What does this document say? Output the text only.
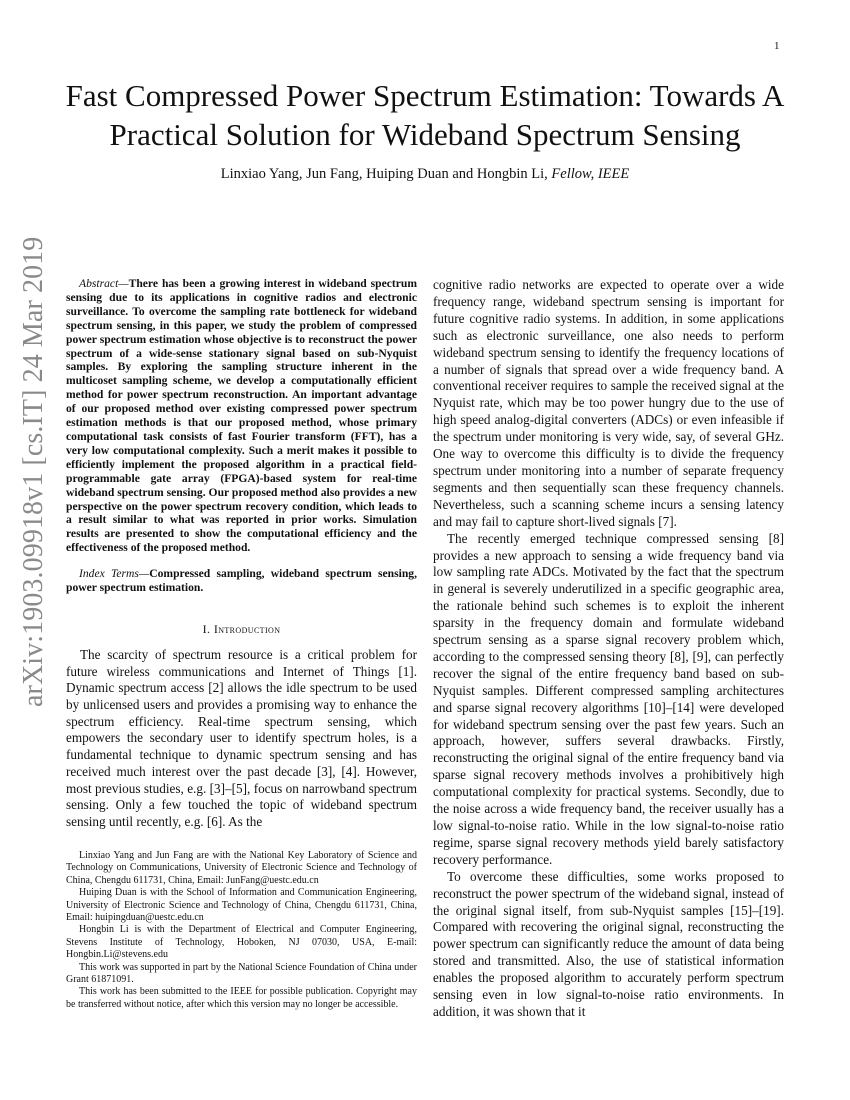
1
arXiv:1903.09918v1 [cs.IT] 24 Mar 2019
Fast Compressed Power Spectrum Estimation: Towards A Practical Solution for Wideband Spectrum Sensing
Linxiao Yang, Jun Fang, Huiping Duan and Hongbin Li, Fellow, IEEE

Abstract—There has been a growing interest in wideband spectrum sensing due to its applications in cognitive radios and electronic surveillance. To overcome the sampling rate bottleneck for wideband spectrum sensing, in this paper, we study the problem of compressed power spectrum estimation whose objective is to reconstruct the power spectrum of a wide-sense stationary signal based on sub-Nyquist samples. By exploring the sampling structure inherent in the multicoset sampling scheme, we develop a computationally efficient method for power spectrum reconstruction. An important advantage of our proposed method over existing compressed power spectrum estimation methods is that our proposed method, whose primary computational task consists of fast Fourier transform (FFT), has a very low computational complexity. Such a merit makes it possible to efficiently implement the proposed algorithm in a practical field-programmable gate array (FPGA)-based system for real-time wideband spectrum sensing. Our proposed method also provides a new perspective on the power spectrum recovery condition, which leads to a result similar to what was reported in prior works. Simulation results are presented to show the computational efficiency and the effectiveness of the proposed method.

Index Terms—Compressed sampling, wideband spectrum sensing, power spectrum estimation.

I. Introduction

The scarcity of spectrum resource is a critical problem for future wireless communications and Internet of Things [1]. Dynamic spectrum access [2] allows the idle spectrum to be used by unlicensed users and provides a promising way to enhance the spectrum efficiency. Real-time spectrum sensing, which empowers the secondary user to identify spectrum holes, is a fundamental technique to dynamic spectrum sensing and has received much interest over the past decade [3], [4]. However, most previous studies, e.g. [3]–[5], focus on narrowband spectrum sensing. Only a few touched the topic of wideband spectrum sensing until recently, e.g. [6]. As the

Linxiao Yang and Jun Fang are with the National Key Laboratory of Science and Technology on Communications, University of Electronic Science and Technology of China, Chengdu 611731, China, Email: JunFang@uestc.edu.cn

Huiping Duan is with the School of Information and Communication Engineering, University of Electronic Science and Technology of China, Chengdu 611731, China, Email: huipingduan@uestc.edu.cn

Hongbin Li is with the Department of Electrical and Computer Engineering, Stevens Institute of Technology, Hoboken, NJ 07030, USA, E-mail: Hongbin.Li@stevens.edu

This work was supported in part by the National Science Foundation of China under Grant 61871091.

This work has been submitted to the IEEE for possible publication. Copyright may be transferred without notice, after which this version may no longer be accessible.

cognitive radio networks are expected to operate over a wide frequency range, wideband spectrum sensing is important for future cognitive radio systems. In addition, in some applications such as electronic surveillance, one also needs to perform wideband spectrum sensing to identify the frequency locations of a number of signals that spread over a wide frequency band. A conventional receiver requires to sample the received signal at the Nyquist rate, which may be too power hungry due to the use of high speed analog-digital converters (ADCs) or even infeasible if the spectrum under monitoring is very wide, say, of several GHz. One way to overcome this difficulty is to divide the frequency spectrum under monitoring into a number of separate frequency segments and then sequentially scan these frequency channels. Nevertheless, such a scanning scheme incurs a sensing latency and may fail to capture short-lived signals [7].

The recently emerged technique compressed sensing [8] provides a new approach to sensing a wide frequency band via low sampling rate ADCs. Motivated by the fact that the spectrum in general is severely underutilized in a specific geographic area, the rationale behind such schemes is to exploit the inherent sparsity in the frequency domain and formulate wideband spectrum sensing as a sparse signal recovery problem which, according to the compressed sensing theory [8], [9], can perfectly recover the signal of the entire frequency band based on sub-Nyquist samples. Different compressed sampling architectures and sparse signal recovery algorithms [10]–[14] were developed for wideband spectrum sensing over the past few years. Such an approach, however, suffers several drawbacks. Firstly, reconstructing the original signal of the entire frequency band via sparse signal recovery methods involves a prohibitively high computational complexity for practical systems. Secondly, due to the noise across a wide frequency band, the receiver usually has a low signal-to-noise ratio. While in the low signal-to-noise ratio regime, sparse signal recovery methods yield barely satisfactory recovery performance.

To overcome these difficulties, some works proposed to reconstruct the power spectrum of the wideband signal, instead of the original signal itself, from sub-Nyquist samples [15]–[19]. Compared with recovering the original signal, reconstructing the power spectrum can significantly reduce the amount of data being stored and transmitted. Also, the use of statistical information enables the proposed algorithm to accurately perform spectrum sensing even in low signal-to-noise ratio environments. In addition, it was shown that it
